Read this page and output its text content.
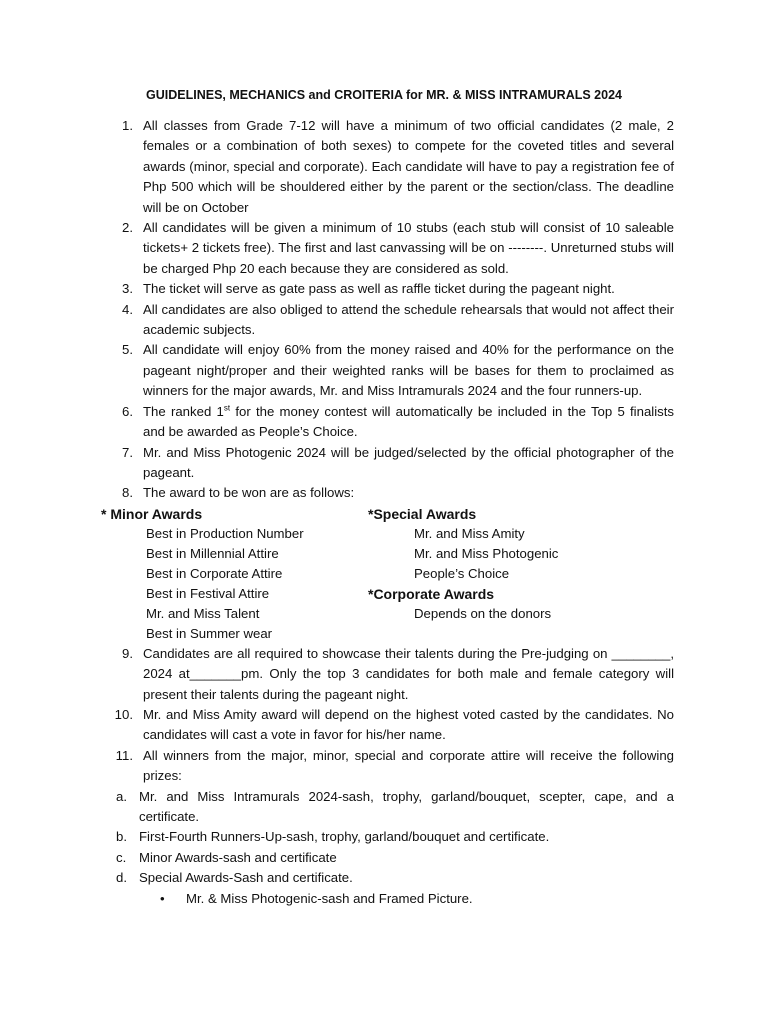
GUIDELINES, MECHANICS and CROITERIA for MR. & MISS INTRAMURALS 2024
1. All classes from Grade 7-12 will have a minimum of two official candidates (2 male, 2 females or a combination of both sexes) to compete for the coveted titles and several awards (minor, special and corporate). Each candidate will have to pay a registration fee of Php 500 which will be shouldered either by the parent or the section/class. The deadline will be on October
2. All candidates will be given a minimum of 10 stubs (each stub will consist of 10 saleable tickets+ 2 tickets free). The first and last canvassing will be on --------. Unreturned stubs will be charged Php 20 each because they are considered as sold.
3. The ticket will serve as gate pass as well as raffle ticket during the pageant night.
4. All candidates are also obliged to attend the schedule rehearsals that would not affect their academic subjects.
5. All candidate will enjoy 60% from the money raised and 40% for the performance on the pageant night/proper and their weighted ranks will be bases for them to proclaimed as winners for the major awards, Mr. and Miss Intramurals 2024 and the four runners-up.
6. The ranked 1st for the money contest will automatically be included in the Top 5 finalists and be awarded as People’s Choice.
7. Mr. and Miss Photogenic 2024 will be judged/selected by the official photographer of the pageant.
8. The award to be won are as follows:
* Minor Awards
Best in Production Number
Best in Millennial Attire
Best in Corporate Attire
Best in Festival Attire
Mr. and Miss Talent
Best in Summer wear
*Special Awards
Mr. and Miss Amity
Mr. and Miss Photogenic
People’s Choice
*Corporate Awards
Depends on the donors
9. Candidates are all required to showcase their talents during the Pre-judging on ________, 2024 at_______pm. Only the top 3 candidates for both male and female category will present their talents during the pageant night.
10. Mr. and Miss Amity award will depend on the highest voted casted by the candidates. No candidates will cast a vote in favor for his/her name.
11. All winners from the major, minor, special and corporate attire will receive the following prizes:
a. Mr. and Miss Intramurals 2024-sash, trophy, garland/bouquet, scepter, cape, and a certificate.
b. First-Fourth Runners-Up-sash, trophy, garland/bouquet and certificate.
c. Minor Awards-sash and certificate
d. Special Awards-Sash and certificate.
• Mr. & Miss Photogenic-sash and Framed Picture.
